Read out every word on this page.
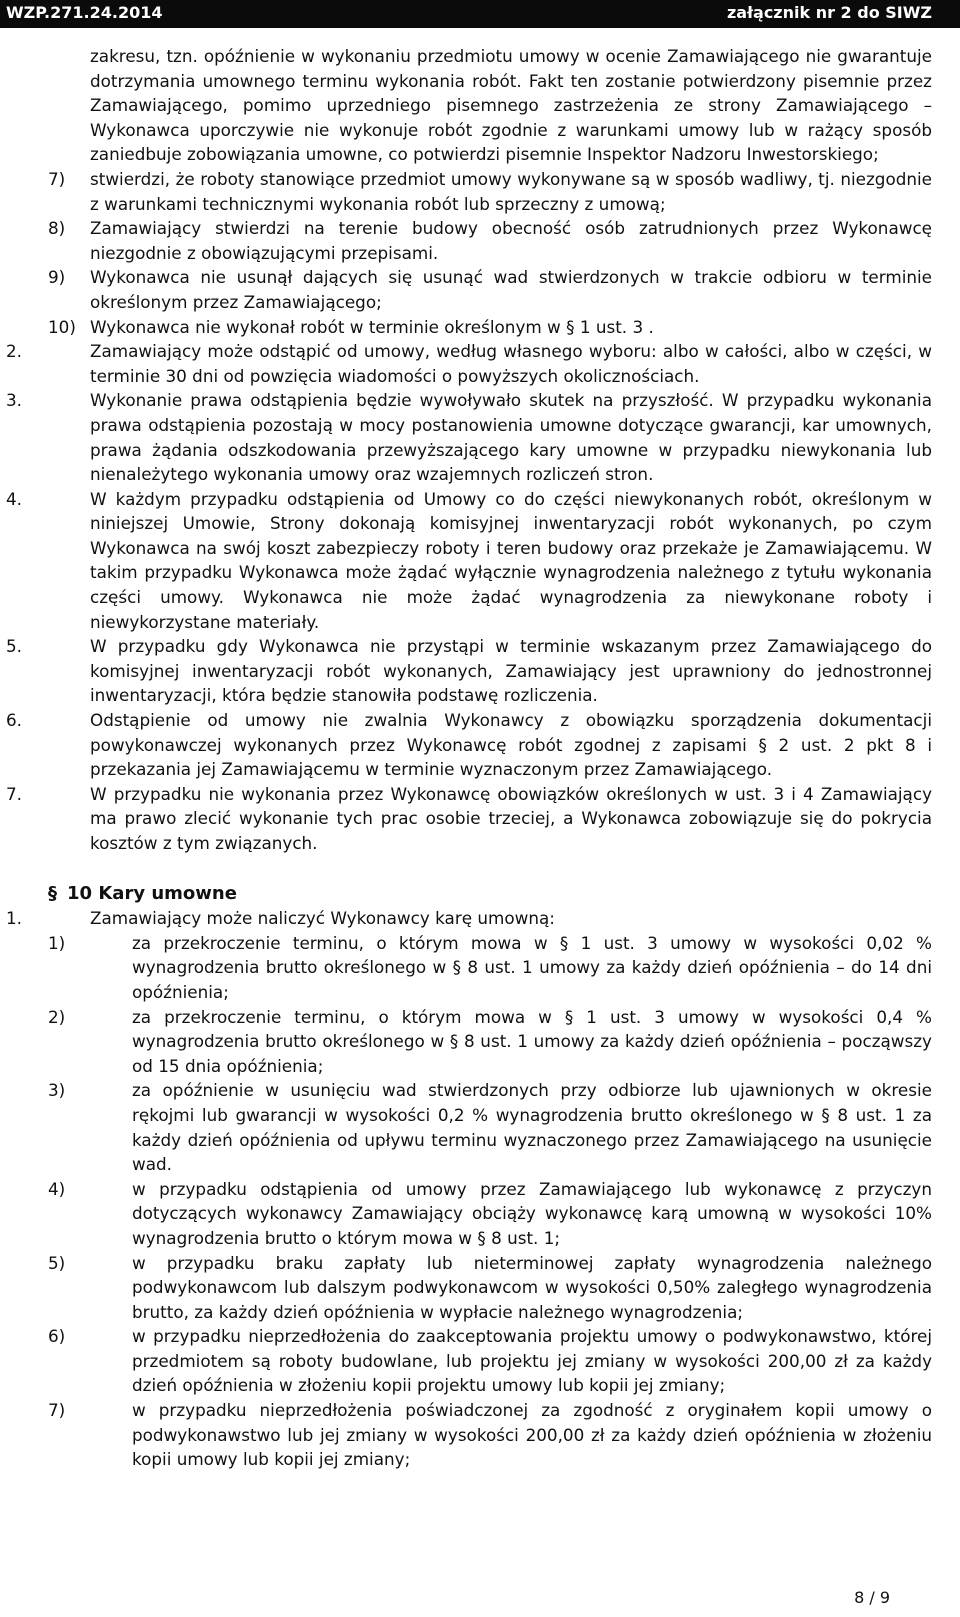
WZP.271.24.2014	załącznik nr 2 do SIWZ

zakresu, tzn. opóźnienie w wykonaniu przedmiotu umowy w ocenie Zamawiającego nie gwarantuje dotrzymania umownego terminu wykonania robót. Fakt ten zostanie potwierdzony pisemnie przez Zamawiającego, pomimo uprzedniego pisemnego zastrzeżenia ze strony Zamawiającego – Wykonawca uporczywie nie wykonuje robót zgodnie z warunkami umowy lub w rażący sposób zaniedbuje zobowiązania umowne, co potwierdzi pisemnie Inspektor Nadzoru Inwestorskiego;

7) stwierdzi, że roboty stanowiące przedmiot umowy wykonywane są w sposób wadliwy, tj. niezgodnie z warunkami technicznymi wykonania robót lub sprzeczny z umową;
8) Zamawiający stwierdzi na terenie budowy obecność osób zatrudnionych przez Wykonawcę niezgodnie z obowiązującymi przepisami.
9) Wykonawca nie usunął dających się usunąć wad stwierdzonych w trakcie odbioru w terminie określonym przez Zamawiającego;
10) Wykonawca nie wykonał robót w terminie określonym w § 1 ust. 3 .
2.	Zamawiający może odstąpić od umowy, według własnego wyboru: albo w całości, albo w części, w terminie 30 dni od powzięcia wiadomości o powyższych okolicznościach.
3.	Wykonanie prawa odstąpienia będzie wywoływało skutek na przyszłość. W przypadku wykonania prawa odstąpienia pozostają w mocy postanowienia umowne dotyczące gwarancji, kar umownych, prawa żądania odszkodowania przewyższającego kary umowne w przypadku niewykonania lub nienależytego wykonania umowy oraz wzajemnych rozliczeń stron.
4.	W każdym przypadku odstąpienia od Umowy co do części niewykonanych robót, określonym w niniejszej Umowie, Strony dokonają komisyjnej inwentaryzacji robót wykonanych, po czym Wykonawca na swój koszt zabezpieczy roboty i teren budowy oraz przekaże je Zamawiającemu. W takim przypadku Wykonawca może żądać wyłącznie wynagrodzenia należnego z tytułu wykonania części umowy. Wykonawca nie może żądać wynagrodzenia za niewykonane roboty i niewykorzystane materiały.
5.	W przypadku gdy Wykonawca nie przystąpi w terminie wskazanym przez Zamawiającego do komisyjnej inwentaryzacji robót wykonanych, Zamawiający jest uprawniony do jednostronnej inwentaryzacji, która będzie stanowiła podstawę rozliczenia.
6.	Odstąpienie od umowy nie zwalnia Wykonawcy z obowiązku sporządzenia dokumentacji powykonawczej wykonanych przez Wykonawcę robót zgodnej z zapisami § 2 ust. 2 pkt 8 i przekazania jej Zamawiającemu w terminie wyznaczonym przez Zamawiającego.
7.	W przypadku nie wykonania przez Wykonawcę obowiązków określonych w ust. 3 i 4 Zamawiający ma prawo zlecić wykonanie tych prac osobie trzeciej, a Wykonawca zobowiązuje się do pokrycia kosztów z tym związanych.
§ 10 Kary umowne
1.	Zamawiający może naliczyć Wykonawcy karę umowną:
1)	za przekroczenie terminu, o którym mowa w § 1 ust. 3 umowy w wysokości 0,02 % wynagrodzenia brutto określonego w § 8 ust. 1 umowy za każdy dzień opóźnienia – do 14 dni opóźnienia;
2)	za przekroczenie terminu, o którym mowa w § 1 ust. 3 umowy w wysokości 0,4 % wynagrodzenia brutto określonego w § 8 ust. 1 umowy za każdy dzień opóźnienia – począwszy od 15 dnia opóźnienia;
3)	za opóźnienie w usunięciu wad stwierdzonych przy odbiorze lub ujawnionych w okresie rękojmi lub gwarancji w wysokości 0,2 % wynagrodzenia brutto określonego w § 8 ust. 1 za każdy dzień opóźnienia od upływu terminu wyznaczonego przez Zamawiającego na usunięcie wad.
4)	w przypadku odstąpienia od umowy przez Zamawiającego lub wykonawcę z przyczyn dotyczących wykonawcy Zamawiający obciąży wykonawcę karą umowną w wysokości 10% wynagrodzenia brutto o którym mowa w § 8 ust. 1;
5)	w przypadku braku zapłaty lub nieterminowej zapłaty wynagrodzenia należnego podwykonawcom lub dalszym podwykonawcom w wysokości 0,50% zaległego wynagrodzenia brutto, za każdy dzień opóźnienia w wypłacie należnego wynagrodzenia;
6)	w przypadku nieprzedłożenia do zaakceptowania projektu umowy o podwykonawstwo, której przedmiotem są roboty budowlane, lub projektu jej zmiany w wysokości 200,00 zł za każdy dzień opóźnienia w złożeniu kopii projektu umowy lub kopii jej zmiany;
7)	w przypadku nieprzedłożenia poświadczonej za zgodność z oryginałem kopii umowy o podwykonawstwo lub jej zmiany w wysokości 200,00 zł za każdy dzień opóźnienia w złożeniu kopii umowy lub kopii jej zmiany;
8 / 9
